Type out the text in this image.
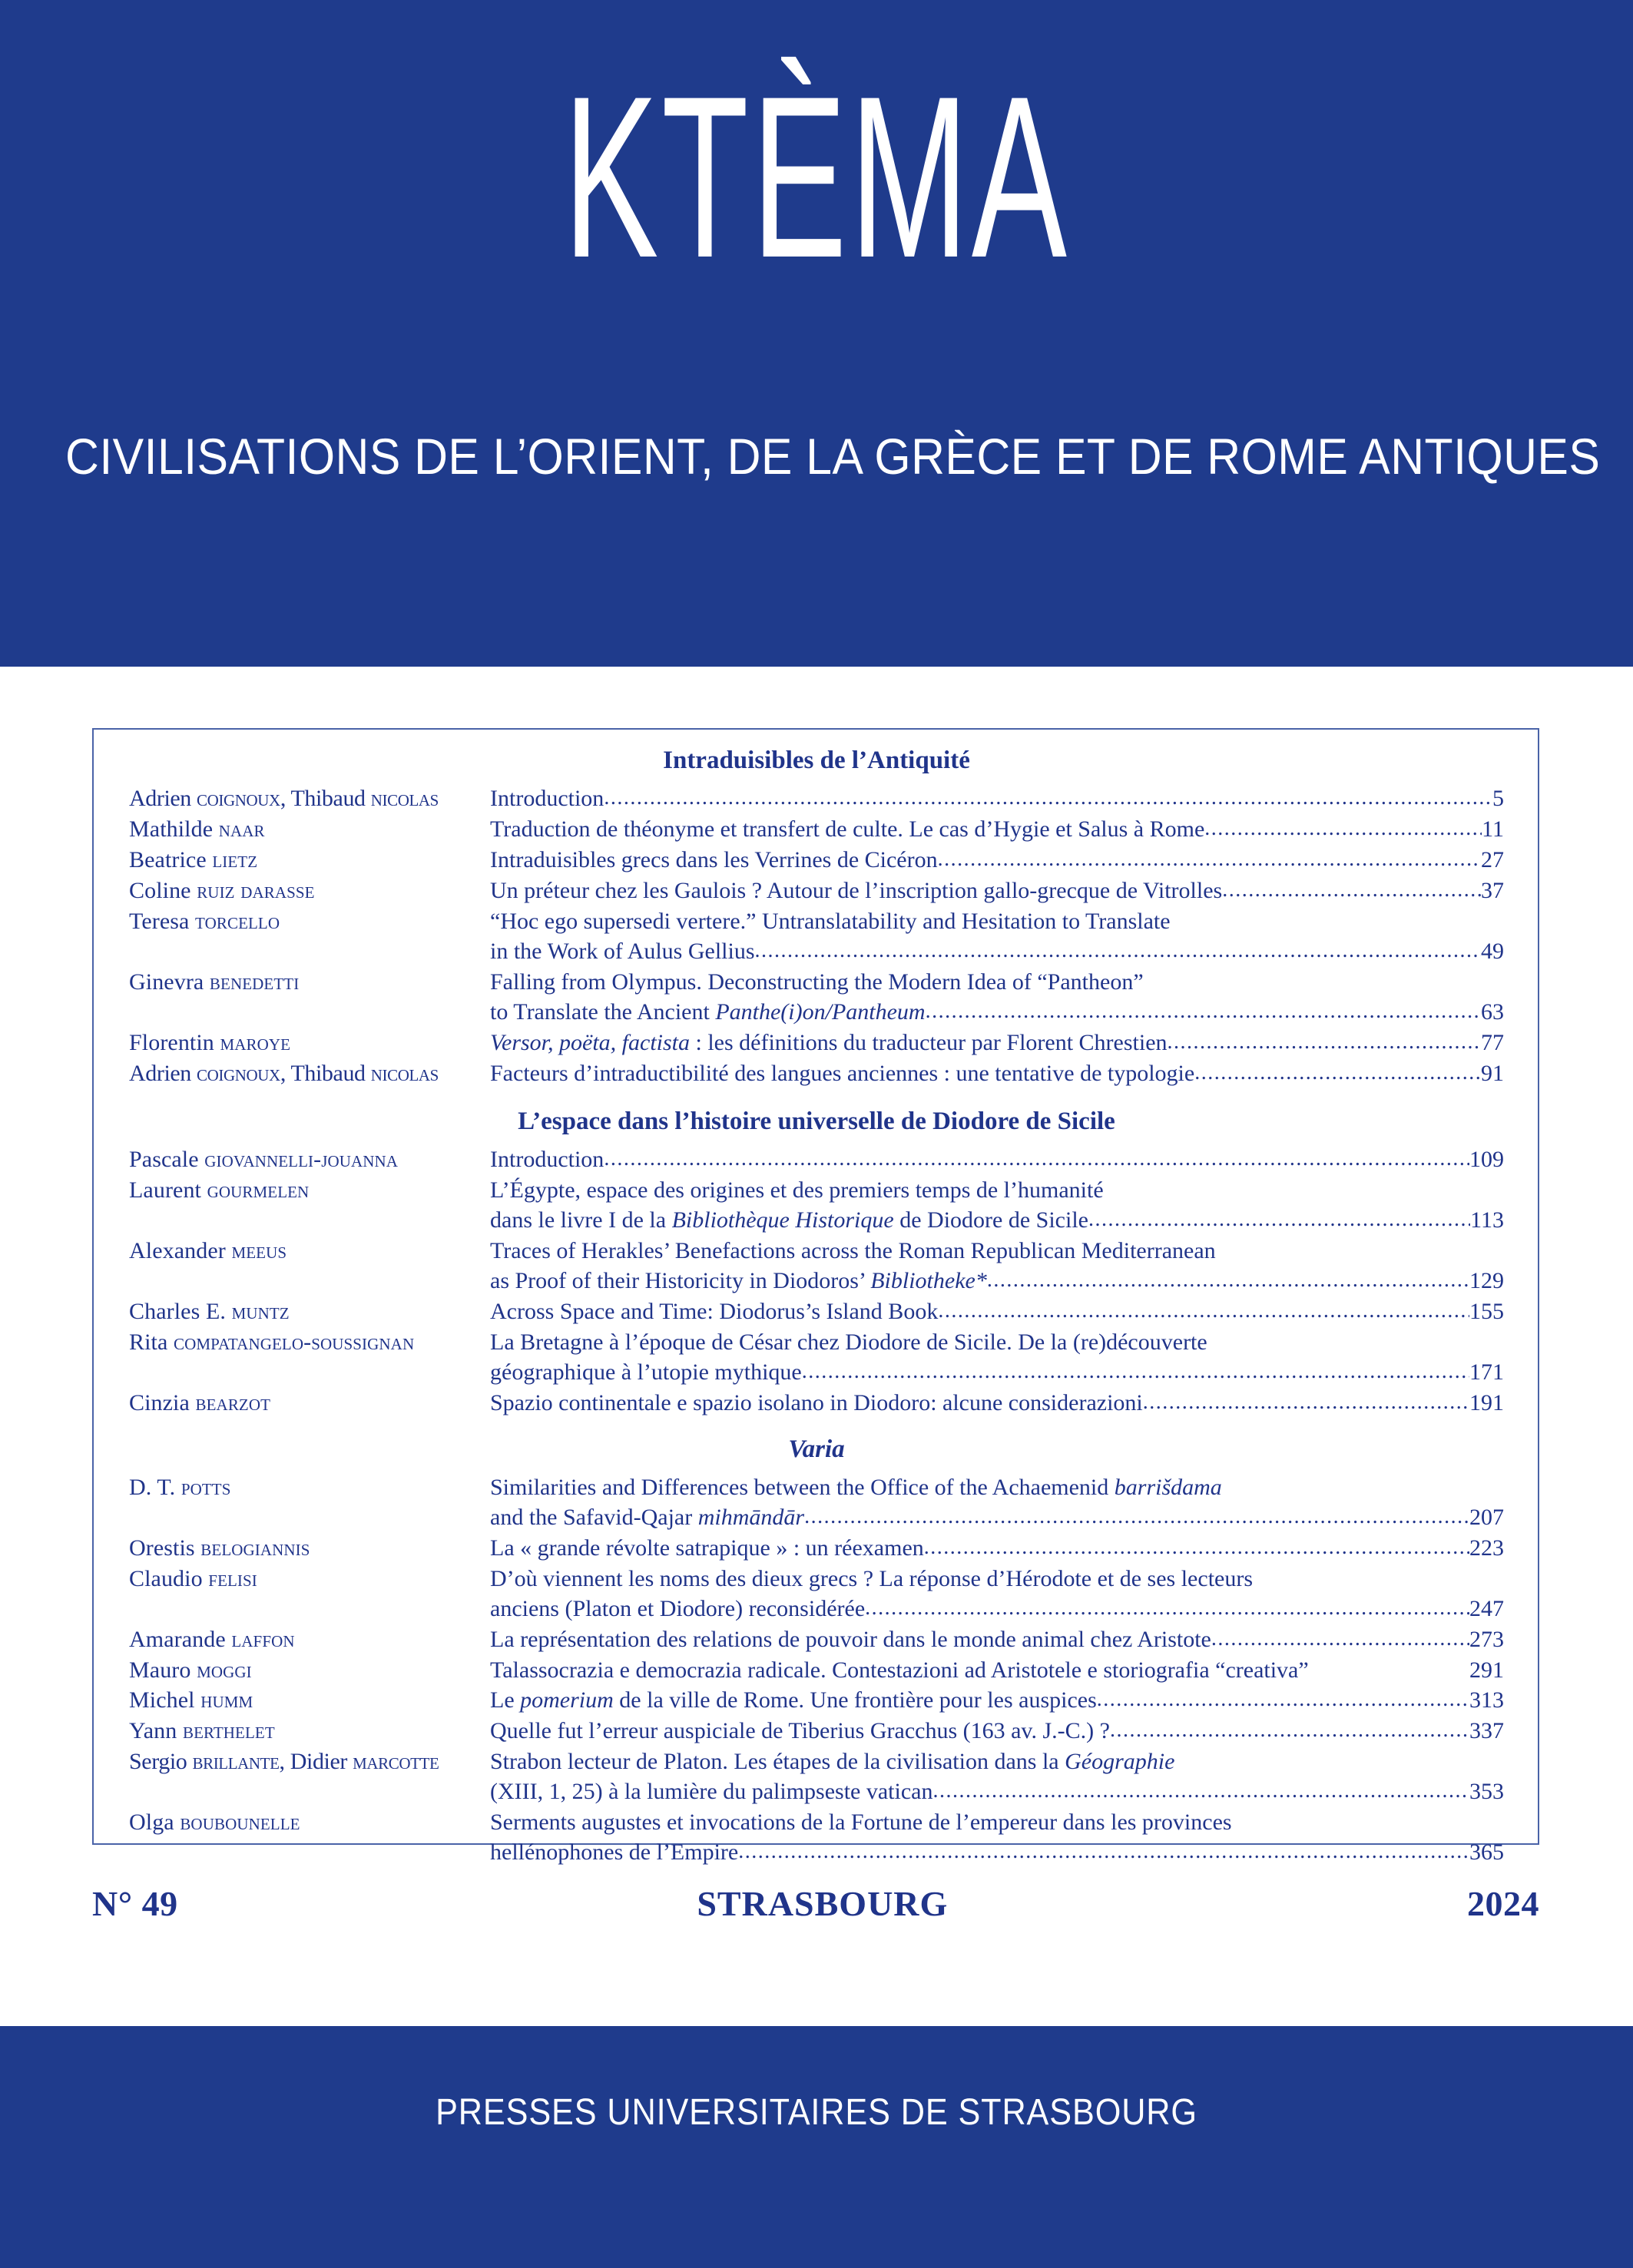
KTÈMA
CIVILISATIONS DE L’ORIENT, DE LA GRÈCE ET DE ROME ANTIQUES
Intraduisibles de l’Antiquité
Adrien coignoux, Thibaud nicolas	Introduction .....	5
Mathilde naar	Traduction de théonyme et transfert de culte. Le cas d’Hygie et Salus à Rome .....	11
Beatrice lietz	Intraduisibles grecs dans les Verrines de Cicéron .....	27
Coline ruiz darasse	Un préteur chez les Gaulois ? Autour de l’inscription gallo-grecque de Vitrolles .....	37
Teresa torcello	“Hoc ego supersedi vertere.” Untranslatability and Hesitation to Translate
in the Work of Aulus Gellius .....	49
Ginevra benedetti	Falling from Olympus. Deconstructing the Modern Idea of “Pantheon”
to Translate the Ancient Panthe(i)on/Pantheum .....	63
Florentin maroye	Versor, poëta, factista : les définitions du traducteur par Florent Chrestien .....	77
Adrien coignoux, Thibaud nicolas	Facteurs d’intraductibilité des langues anciennes : une tentative de typologie .....	91
L’espace dans l’histoire universelle de Diodore de Sicile
Pascale giovannelli-jouanna	Introduction .....	109
Laurent gourmelen	L’Égypte, espace des origines et des premiers temps de l’humanité
dans le livre I de la Bibliothèque Historique de Diodore de Sicile .....	113
Alexander meeus	Traces of Herakles’ Benefactions across the Roman Republican Mediterranean
as Proof of their Historicity in Diodoros’ Bibliotheke* .....	129
Charles E. muntz	Across Space and Time: Diodorus’s Island Book .....	155
Rita compatangelo-soussignan	La Bretagne à l’époque de César chez Diodore de Sicile. De la (re)découverte
géographique à l’utopie mythique .....	171
Cinzia bearzot	Spazio continentale e spazio isolano in Diodoro: alcune considerazioni .....	191
Varia
D. T. potts	Similarities and Differences between the Office of the Achaemenid barrišdama
and the Safavid-Qajar mihmāndār .....	207
Orestis belogiannis	La « grande révolte satrapique » : un réexamen .....	223
Claudio felisi	D’où viennent les noms des dieux grecs ? La réponse d’Hérodote et de ses lecteurs
anciens (Platon et Diodore) reconsidérée .....	247
Amarande laffon	La représentation des relations de pouvoir dans le monde animal chez Aristote .....	273
Mauro moggi	Talassocrazia e democrazia radicale. Contestazioni ad Aristotele e storiografia “creativa”	291
Michel humm	Le pomerium de la ville de Rome. Une frontière pour les auspices .....	313
Yann berthelet	Quelle fut l’erreur auspiciale de Tiberius Gracchus (163 av. J.-C.) ? .....	337
Sergio brillante, Didier marcotte	Strabon lecteur de Platon. Les étapes de la civilisation dans la Géographie
(XIII, 1, 25) à la lumière du palimpseste vatican .....	353
Olga boubounelle	Serments augustes et invocations de la Fortune de l’empereur dans les provinces
hellénophones de l’Empire .....	365
N° 49	STRASBOURG	2024
PRESSES UNIVERSITAIRES DE STRASBOURG
